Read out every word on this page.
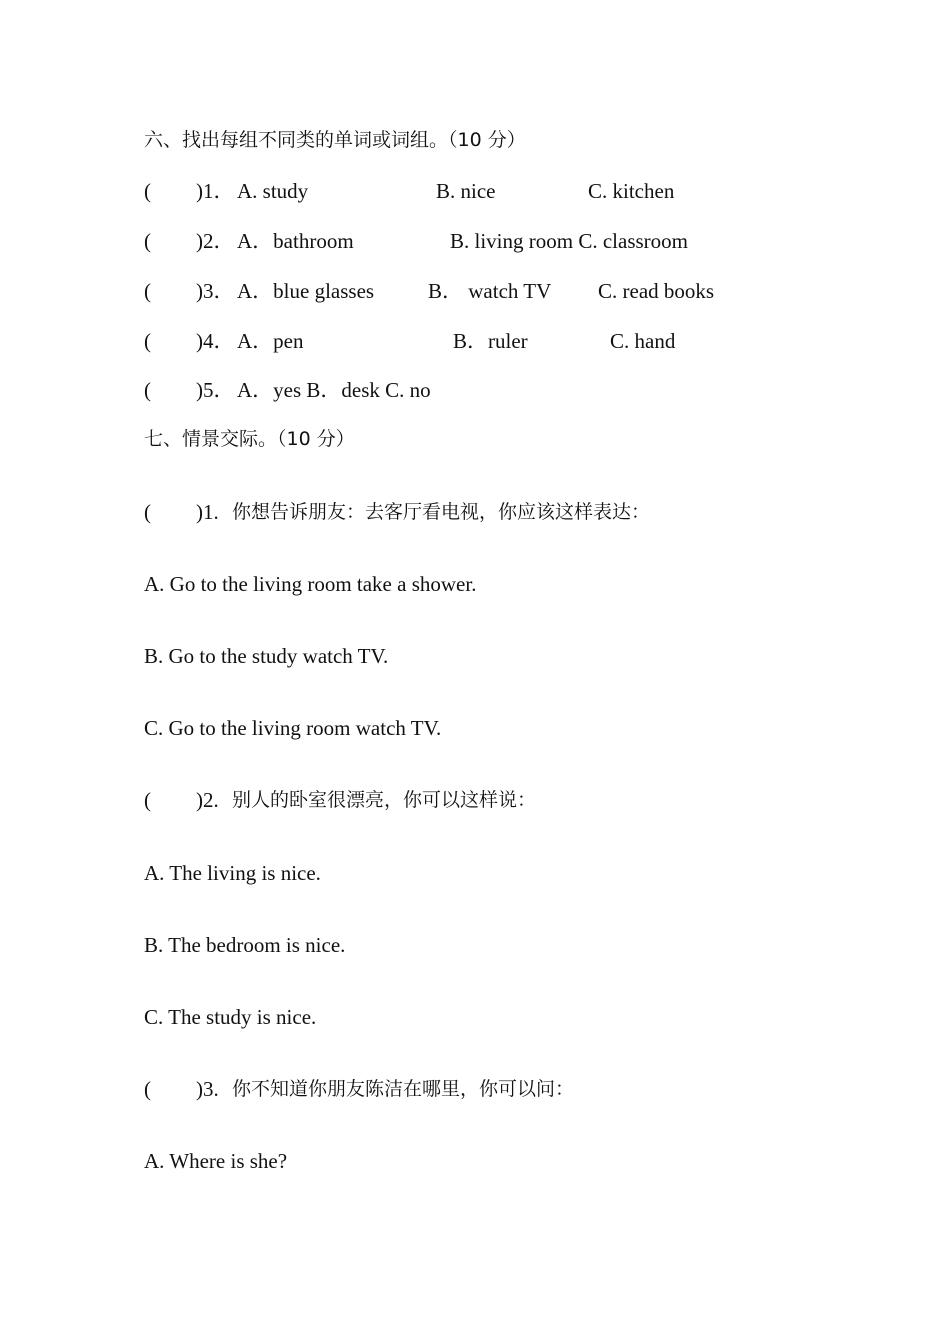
六、找出每组不同类的单词或词组。（10 分）
( )1． A. study	B. nice	C. kitchen
( )2． A．bathroom	B. living room C. classroom
( )3． A．blue glasses	B． watch TV C. read books
( )4． A．pen	B．ruler	C. hand
( )5． A．yes B．desk C. no
七、情景交际。（10 分）
( )1. 你想告诉朋友：去客厅看电视，你应该这样表达：
A. Go to the living room take a shower.
B. Go to the study watch TV.
C. Go to the living room watch TV.
( )2. 别人的卧室很漂亮，你可以这样说：
A. The living is nice.
B. The bedroom is nice.
C. The study is nice.
( )3. 你不知道你朋友陈洁在哪里，你可以问：
A. Where is she?
